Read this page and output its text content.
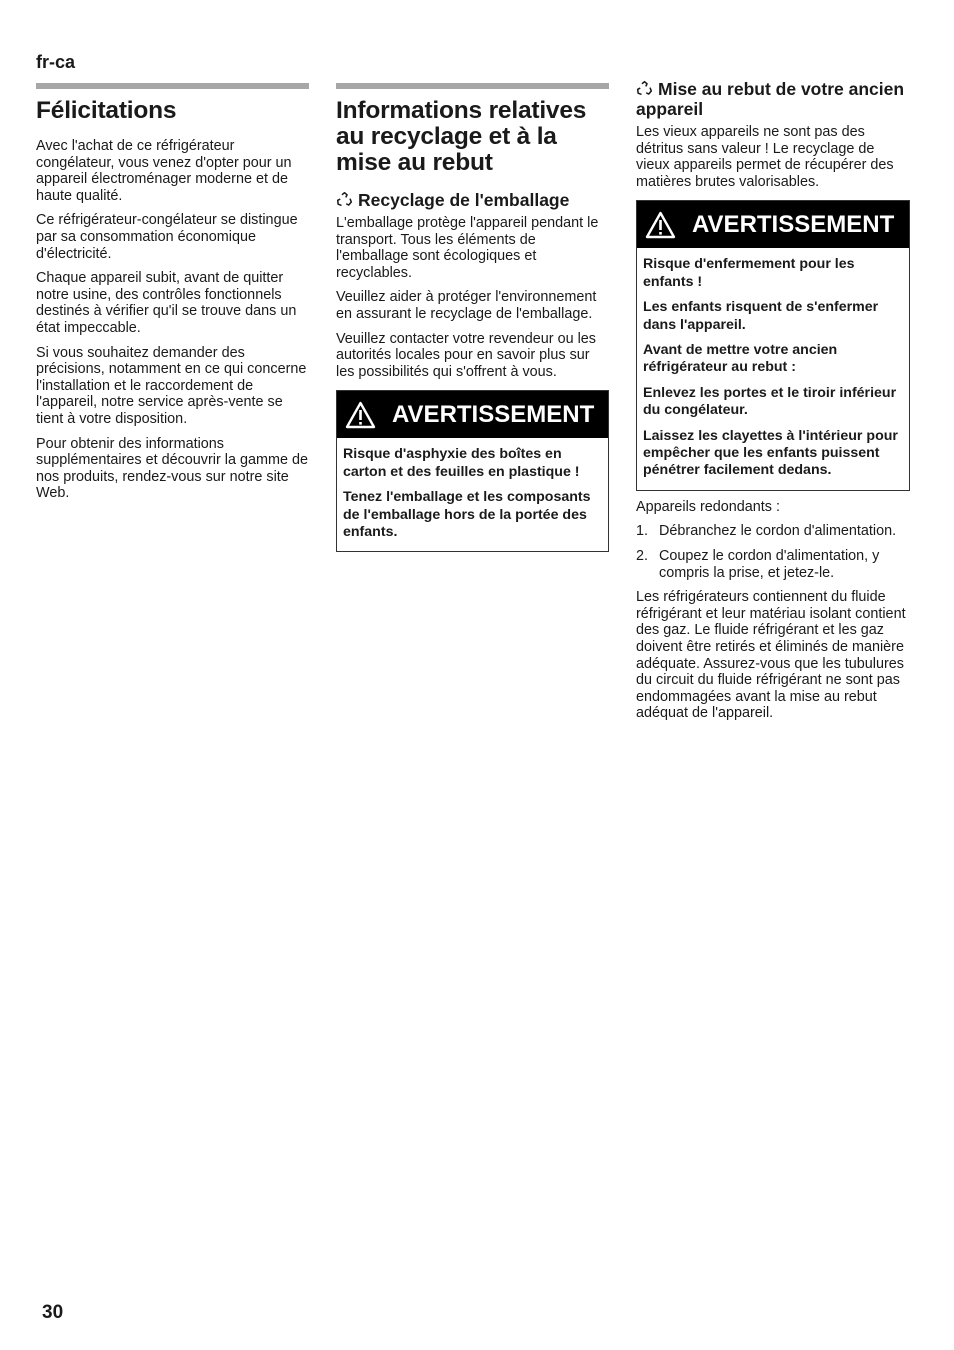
fr-ca
Félicitations

Avec l'achat de ce réfrigérateur congélateur, vous venez d'opter pour un appareil électroménager moderne et de haute qualité.

Ce réfrigérateur-congélateur se distingue par sa consommation économique d'électricité.

Chaque appareil subit, avant de quitter notre usine, des contrôles fonctionnels destinés à vérifier qu'il se trouve dans un état impeccable.

Si vous souhaitez demander des précisions, notamment en ce qui concerne l'installation et le raccordement de l'appareil, notre service après-vente se tient à votre disposition.

Pour obtenir des informations supplémentaires et découvrir la gamme de nos produits, rendez-vous sur notre site Web.

Informations relatives au recyclage et à la mise au rebut
Recyclage de l'emballage

L'emballage protège l'appareil pendant le transport. Tous les éléments de l'emballage sont écologiques et recyclables.

Veuillez aider à protéger l'environnement en assurant le recyclage de l'emballage.

Veuillez contacter votre revendeur ou les autorités locales pour en savoir plus sur les possibilités qui s'offrent à vous.

AVERTISSEMENT

Risque d'asphyxie des boîtes en carton et des feuilles en plastique !

Tenez l'emballage et les composants de l'emballage hors de la portée des enfants.

Mise au rebut de votre ancien appareil

Les vieux appareils ne sont pas des détritus sans valeur ! Le recyclage de vieux appareils permet de récupérer des matières brutes valorisables.

AVERTISSEMENT

Risque d'enfermement pour les enfants !

Les enfants risquent de s'enfermer dans l'appareil.

Avant de mettre votre ancien réfrigérateur au rebut :

Enlevez les portes et le tiroir inférieur du congélateur.

Laissez les clayettes à l'intérieur pour empêcher que les enfants puissent pénétrer facilement dedans.

Appareils redondants :

1. Débranchez le cordon d'alimentation.
2. Coupez le cordon d'alimentation, y compris la prise, et jetez-le.

Les réfrigérateurs contiennent du fluide réfrigérant et leur matériau isolant contient des gaz. Le fluide réfrigérant et les gaz doivent être retirés et éliminés de manière adéquate. Assurez-vous que les tubulures du circuit du fluide réfrigérant ne sont pas endommagées avant la mise au rebut adéquat de l'appareil.

30
